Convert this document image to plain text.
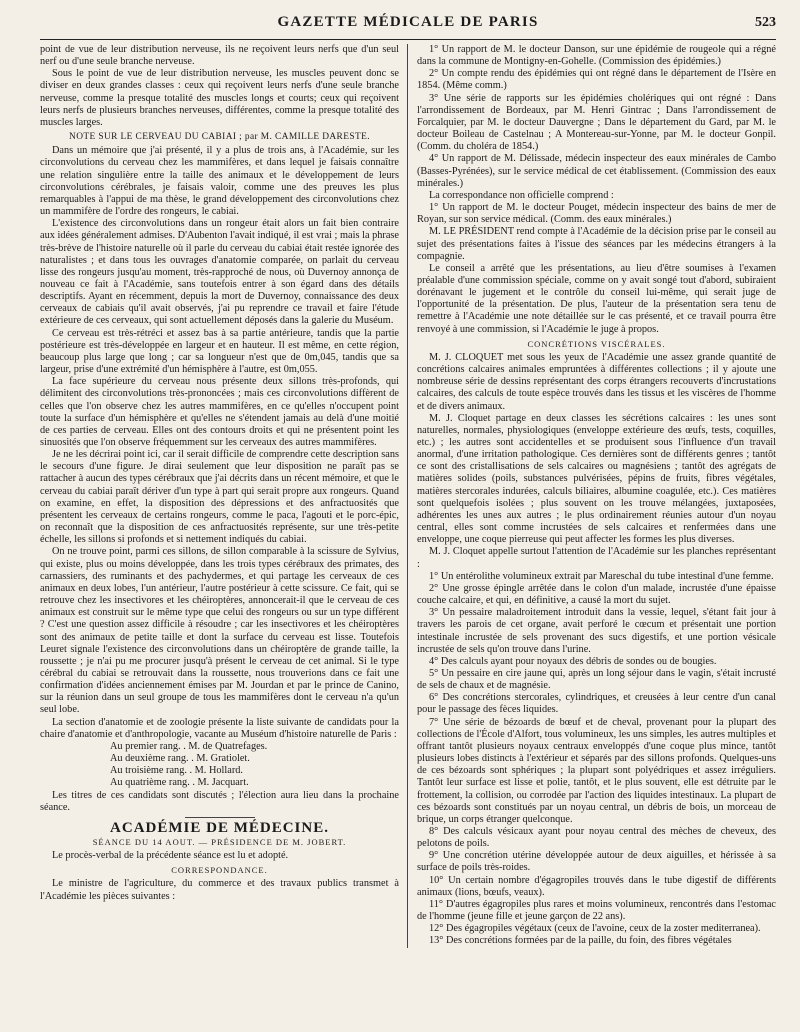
GAZETTE MÉDICALE DE PARIS	523

point de vue de leur distribution nerveuse, ils ne reçoivent leurs nerfs que d'un seul nerf ou d'une seule branche nerveuse.

Sous le point de vue de leur distribution nerveuse, les muscles peuvent donc se diviser en deux grandes classes : ceux qui reçoivent leurs nerfs d'une seule branche nerveuse, comme la presque totalité des muscles longs et courts; ceux qui reçoivent leurs nerfs de plusieurs branches nerveuses, différentes, comme la presque totalité des muscles larges.

NOTE SUR LE CERVEAU DU CABIAI ; par M. CAMILLE DARESTE.

Dans un mémoire que j'ai présenté, il y a plus de trois ans, à l'Académie, sur les circonvolutions du cerveau chez les mammifères, et dans lequel je faisais connaître une relation singulière entre la taille des animaux et le développement de leurs circonvolutions cérébrales, je faisais valoir, comme une des preuves les plus remarquables à l'appui de ma thèse, le grand développement des circonvolutions chez un mammifère de l'ordre des rongeurs, le cabiai.

L'existence des circonvolutions dans un rongeur était alors un fait bien contraire aux idées généralement admises. D'Aubenton l'avait indiqué, il est vrai ; mais la phrase très-brève de l'histoire naturelle où il parle du cerveau du cabiai était restée ignorée des naturalistes ; et dans tous les ouvrages d'anatomie comparée, on parlait du cerveau lisse des rongeurs jusqu'au moment, très-rapproché de nous, où Duvernoy annonça de nouveau ce fait à l'Académie, sans toutefois entrer à son égard dans des détails descriptifs. Ayant en récemment, depuis la mort de Duvernoy, connaissance des deux cerveaux de cabiais qu'il avait observés, j'ai pu reprendre ce travail et faire l'étude extérieure de ces cerveaux, qui sont actuellement déposés dans la galerie du Muséum.

Ce cerveau est très-rétréci et assez bas à sa partie antérieure, tandis que la partie postérieure est très-développée en largeur et en hauteur. Il est même, en cette région, beaucoup plus large que long ; car sa longueur n'est que de 0m,045, tandis que sa largeur, prise d'une extrémité d'un hémisphère à l'autre, est 0m,055.

La face supérieure du cerveau nous présente deux sillons très-profonds, qui délimitent des circonvolutions très-prononcées ; mais ces circonvolutions diffèrent de celles que l'on observe chez les autres mammifères, en ce qu'elles n'occupent point toute la surface d'un hémisphère et qu'elles ne s'étendent jamais au delà d'une moitié de ces parties de cerveau. Elles ont des contours droits et qui ne présentent point les sinuosités que l'on observe fréquemment sur les cerveaux des autres mammifères.

Je ne les décrirai point ici, car il serait difficile de comprendre cette description sans le secours d'une figure. Je dirai seulement que leur disposition ne paraît pas se rattacher à aucun des types cérébraux que j'ai décrits dans un récent mémoire, et que le cerveau du cabiai paraît dériver d'un type à part qui serait propre aux rongeurs. Quand on examine, en effet, la disposition des dépressions et des anfractuosités que présentent les cerveaux de certains rongeurs, comme le paca, l'agouti et le porc-épic, on reconnaît que la disposition de ces anfractuosités représente, sur une très-petite échelle, les sillons si profonds et si nettement indiqués du cabiai.

On ne trouve point, parmi ces sillons, de sillon comparable à la scissure de Sylvius, qui existe, plus ou moins développée, dans les trois types cérébraux des primates, des carnassiers, des ruminants et des pachydermes, et qui partage les cerveaux de ces animaux en deux lobes, l'un antérieur, l'autre postérieur à cette scissure. Ce fait, qui se retrouve chez les insectivores et les chéiroptères, annoncerait-il que le cerveau de ces animaux est construit sur le même type que celui des rongeurs ou sur un type différent ? C'est une question assez difficile à résoudre ; car les insectivores et les chéiroptères sont des animaux de petite taille et dont la surface du cerveau est lisse. Toutefois Leuret signale l'existence des circonvolutions dans un chéiroptère de grande taille, la roussette ; je n'ai pu me procurer jusqu'à présent le cerveau de cet animal. Si le type cérébral du cabiai se retrouvait dans la roussette, nous trouverions dans ce fait une confirmation d'idées anciennement émises par M. Jourdan et par le prince de Canino, sur la réunion dans un seul groupe de tous les mammifères dont le cerveau n'a qu'un seul lobe.

La section d'anatomie et de zoologie présente la liste suivante de candidats pour la chaire d'anatomie et d'anthropologie, vacante au Muséum d'histoire naturelle de Paris :

Au premier rang. . M. de Quatrefages.

Au deuxième rang. . M. Gratiolet.

Au troisième rang. . M. Hollard.

Au quatrième rang. . M. Jacquart.

Les titres de ces candidats sont discutés ; l'élection aura lieu dans la prochaine séance.

ACADÉMIE DE MÉDECINE.

SÉANCE DU 14 AOUT. — PRÉSIDENCE DE M. JOBERT.

Le procès-verbal de la précédente séance est lu et adopté.

CORRESPONDANCE.

Le ministre de l'agriculture, du commerce et des travaux publics transmet à l'Académie les pièces suivantes :

1° Un rapport de M. le docteur Danson, sur une épidémie de rougeole qui a régné dans la commune de Montigny-en-Gohelle. (Commission des épidémies.)

2° Un compte rendu des épidémies qui ont régné dans le département de l'Isère en 1854. (Même comm.)

3° Une série de rapports sur les épidémies cholériques qui ont régné : Dans l'arrondissement de Bordeaux, par M. Henri Gintrac ; Dans l'arrondissement de Forcalquier, par M. le docteur Dauvergne ; Dans le département du Gard, par M. le docteur Boileau de Castelnau ; A Montereau-sur-Yonne, par M. le docteur Gonpil. (Comm. du choléra de 1854.)

4° Un rapport de M. Délissade, médecin inspecteur des eaux minérales de Cambo (Basses-Pyrénées), sur le service médical de cet établissement. (Commission des eaux minérales.)

La correspondance non officielle comprend :

1° Un rapport de M. le docteur Pouget, médecin inspecteur des bains de mer de Royan, sur son service médical. (Comm. des eaux minérales.)

M. LE PRÉSIDENT rend compte à l'Académie de la décision prise par le conseil au sujet des présentations faites à l'issue des séances par les médecins étrangers à la compagnie.

Le conseil a arrêté que les présentations, au lieu d'être soumises à l'examen préalable d'une commission spéciale, comme on y avait songé tout d'abord, subiraient dorénavant le jugement et le contrôle du conseil lui-même, qui serait juge de l'opportunité de la présentation. De plus, l'auteur de la présentation sera tenu de remettre à l'Académie une note détaillée sur le cas présenté, et ce travail pourra être renvoyé à une commission, si l'Académie le juge à propos.

CONCRÉTIONS VISCÉRALES.

M. J. CLOQUET met sous les yeux de l'Académie une assez grande quantité de concrétions calcaires animales empruntées à différentes collections ; il y ajoute une nombreuse série de dessins représentant des corps étrangers recouverts d'incrustations calcaires, des calculs de toute espèce trouvés dans les tissus et les viscères de l'homme et de divers animaux.

M. J. Cloquet partage en deux classes les sécrétions calcaires : les unes sont naturelles, normales, physiologiques (enveloppe extérieure des œufs, tests, coquilles, etc.) ; les autres sont accidentelles et se produisent sous l'influence d'un travail anormal, d'une irritation pathologique. Ces dernières sont de différents genres ; tantôt ce sont des cristallisations de sels calcaires ou magnésiens ; tantôt des agrégats de matières solides (poils, substances pulvérisées, pépins de fruits, fibres végétales, matières stercorales indurées, calculs biliaires, albumine coagulée, etc.). Ces matières sont quelquefois isolées ; plus souvent on les trouve mélangées, juxtaposées, adhérentes les unes aux autres ; le plus ordinairement réunies autour d'un noyau central, elles sont comme incrustées de sels calcaires et renfermées dans une enveloppe, une coque pierreuse qui peut affecter les formes les plus diverses.

M. J. Cloquet appelle surtout l'attention de l'Académie sur les planches représentant :

1° Un entérolithe volumineux extrait par Mareschal du tube intestinal d'une femme.

2° Une grosse épingle arrêtée dans le colon d'un malade, incrustée d'une épaisse couche calcaire, et qui, en définitive, a causé la mort du sujet.

3° Un pessaire maladroitement introduit dans la vessie, lequel, s'étant fait jour à travers les parois de cet organe, avait perforé le cœcum et présentait une portion intestinale incrustée de sels provenant des sucs digestifs, et une portion vésicale incrustée de sels qu'on trouve dans l'urine.

4° Des calculs ayant pour noyaux des débris de sondes ou de bougies.

5° Un pessaire en cire jaune qui, après un long séjour dans le vagin, s'était incrusté de sels de chaux et de magnésie.

6° Des concrétions stercorales, cylindriques, et creusées à leur centre d'un canal pour le passage des fèces liquides.

7° Une série de bézoards de bœuf et de cheval, provenant pour la plupart des collections de l'École d'Alfort, tous volumineux, les uns simples, les autres multiples et offrant tantôt plusieurs noyaux centraux enveloppés d'une coque plus mince, tantôt plusieurs lobes distincts à l'extérieur et séparés par des sillons profonds. Quelques-uns de ces bézoards sont sphériques ; la plupart sont polyédriques et assez irréguliers. Tantôt leur surface est lisse et polie, tantôt, et le plus souvent, elle est détruite par le frottement, la collision, ou corrodée par l'action des liquides intestinaux. La plupart de ces bézoards sont constitués par un noyau central, un débris de bois, un morceau de brique, un corps étranger quelconque.

8° Des calculs vésicaux ayant pour noyau central des mèches de cheveux, des pelotons de poils.

9° Une concrétion utérine développée autour de deux aiguilles, et hérissée à sa surface de poils très-roides.

10° Un certain nombre d'égagropiles trouvés dans le tube digestif de différents animaux (lions, bœufs, veaux).

11° D'autres égagropiles plus rares et moins volumineux, rencontrés dans l'estomac de l'homme (jeune fille et jeune garçon de 22 ans).

12° Des égagropiles végétaux (ceux de l'avoine, ceux de la zoster mediterranea).

13° Des concrétions formées par de la paille, du foin, des fibres végétales
